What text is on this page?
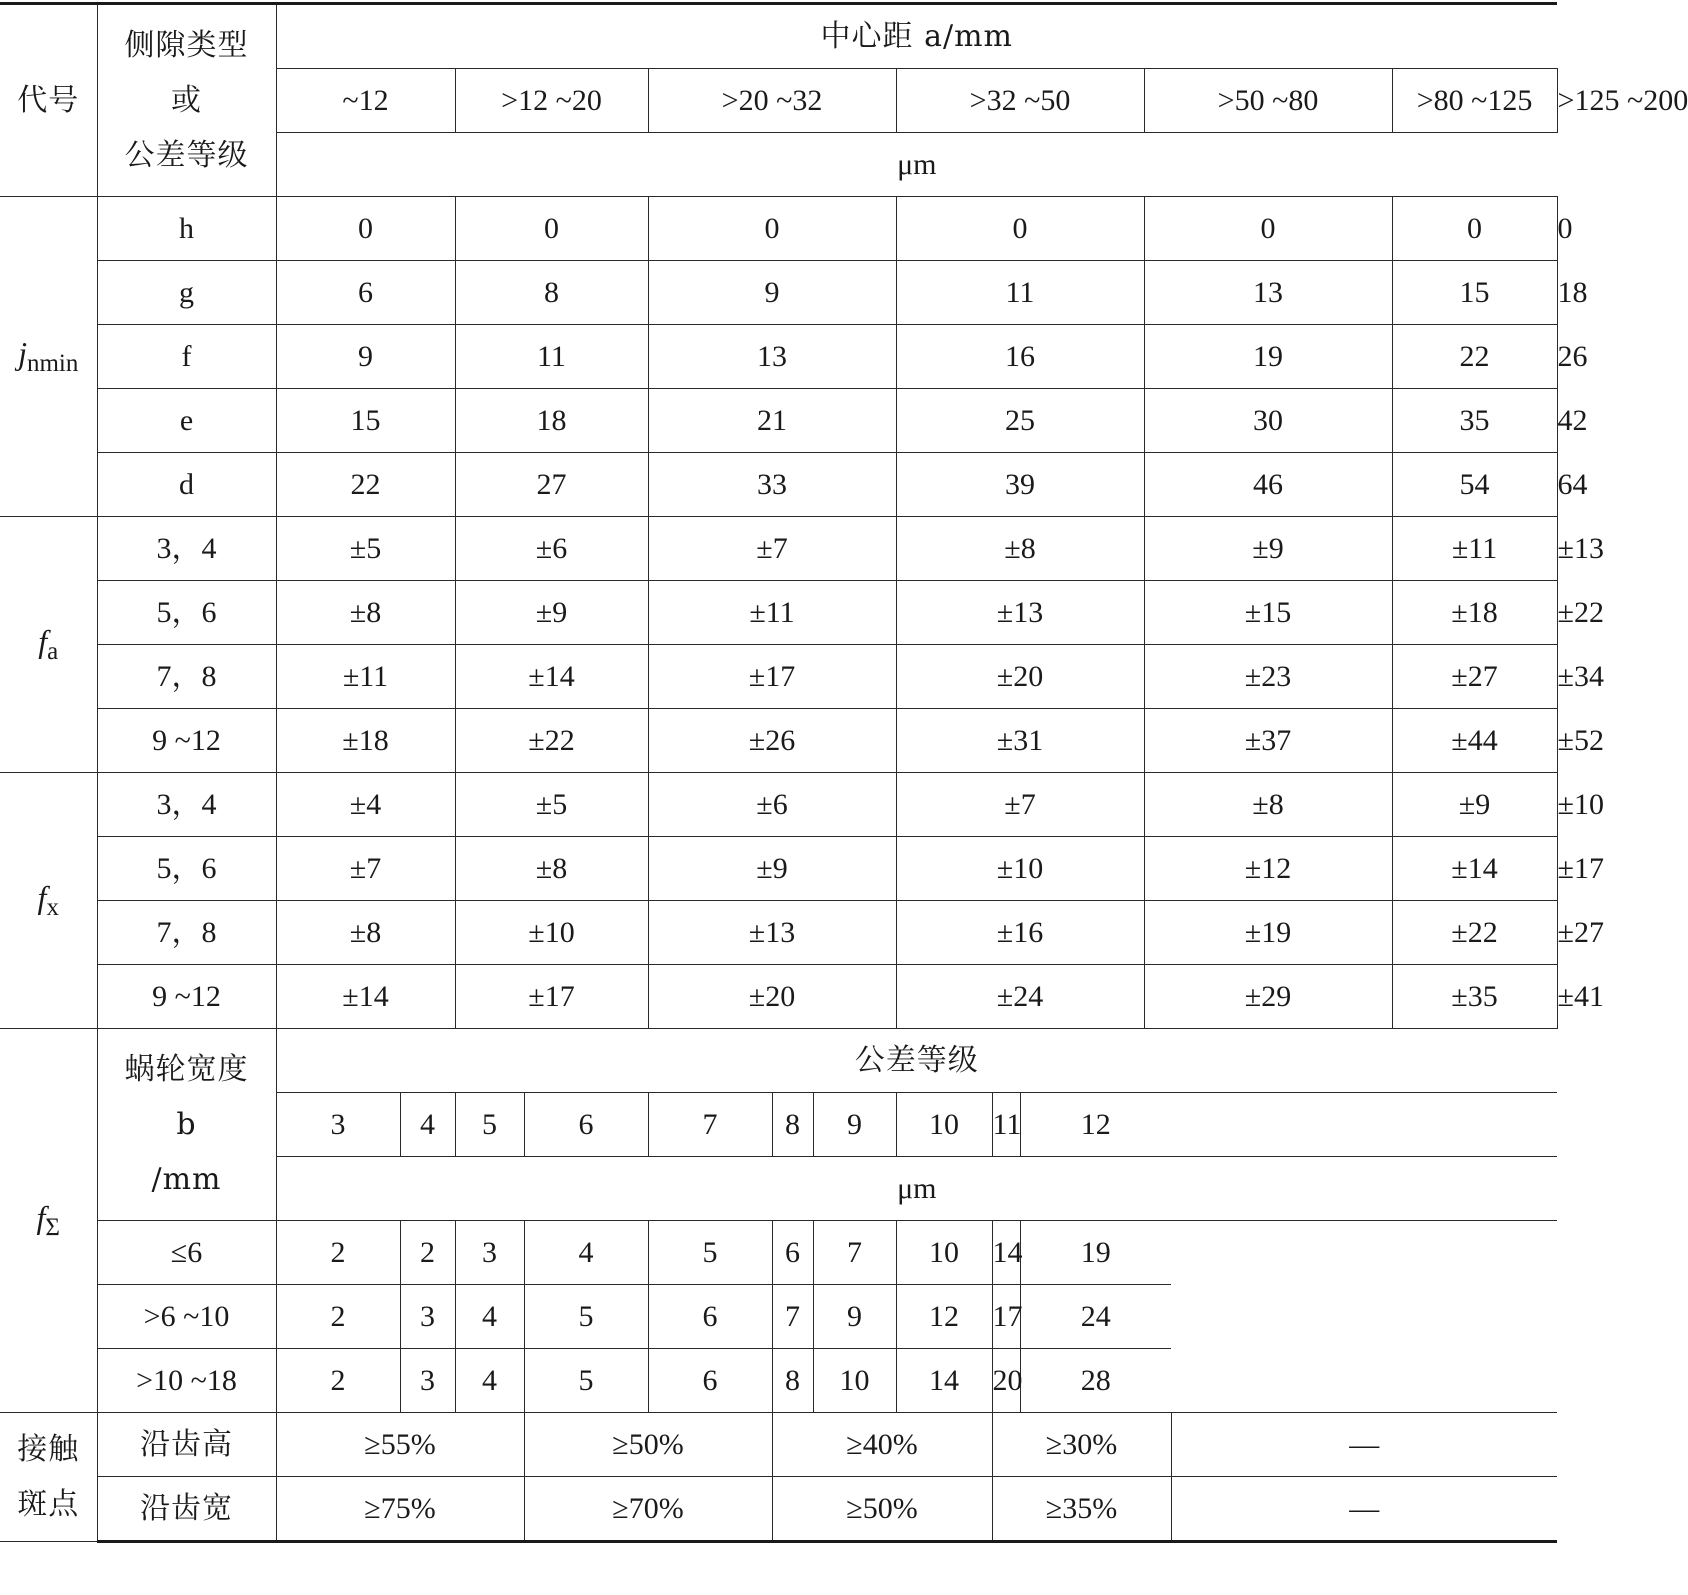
代号	侧隙类型
或
公差等级	中心距 a/mm													
		~12		>12 ~20		>20 ~32			>32 ~50			>50 ~80		>80 ~125	>125 ~200
		μm													
$j_{nmin}$	h	0		0		0			0			0		0	0
	g	6		8		9			11			13		15	18
	f	9		11		13			16			19		22	26
	e	15		18		21			25			30		35	42
	d	22		27		33			39			46		54	64
$f_a$	3，4	±5		±6		±7			±8			±9		±11	±13
	5，6	±8		±9		±11			±13			±15		±18	±22
	7，8	±11		±14		±17			±20			±23		±27	±34
	9 ~12	±18		±22		±26			±31			±37		±44	±52
$f_x$	3，4	±4		±5		±6			±7			±8		±9	±10
	5，6	±7		±8		±9			±10			±12		±14	±17
	7，8	±8		±10		±13			±16			±19		±22	±27
	9 ~12	±14		±17		±20			±24			±29		±35	±41
$f_\Sigma$	蜗轮宽度
b
/mm	公差等级													
		3	4	5	6	7	8	9	10	11	12				
		μm													
	≤6	2	2	3	4	5	6	7	10	14	19				
	>6 ~10	2	3	4	5	6	7	9	12	17	24				
	>10 ~18	2	3	4	5	6	8	10	14	20	28				

接触
斑点	沿齿高	≥55%			≥50%		≥40%			≥30%			—		
	沿齿宽	≥75%			≥70%		≥50%			≥35%			—		
